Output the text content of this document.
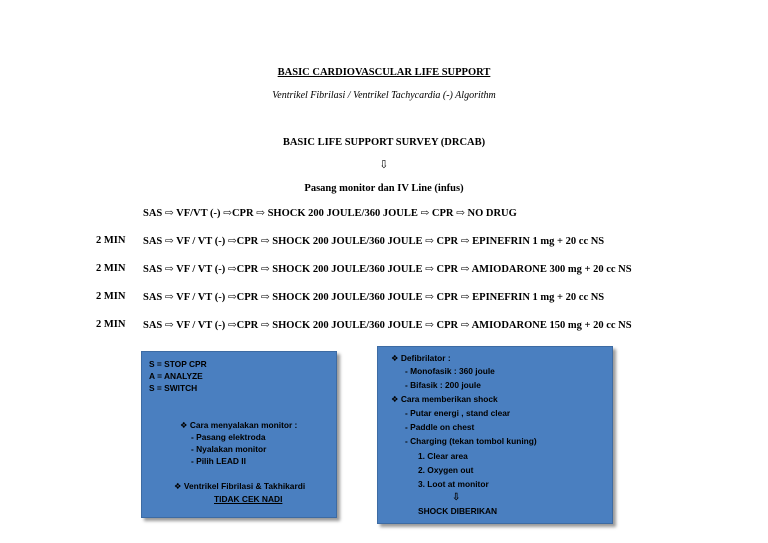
BASIC CARDIOVASCULAR LIFE SUPPORT
Ventrikel Fibrilasi / Ventrikel Tachycardia (-) Algorithm
BASIC LIFE SUPPORT SURVEY (DRCAB)
⇩
Pasang monitor dan IV Line (infus)
SAS ⇨ VF/VT (-) ⇨CPR ⇨ SHOCK 200 JOULE/360 JOULE ⇨ CPR ⇨ NO DRUG
2 MIN SAS ⇨ VF / VT (-) ⇨CPR ⇨ SHOCK 200 JOULE/360 JOULE ⇨ CPR ⇨ EPINEFRIN 1 mg + 20 cc NS
2 MIN SAS ⇨ VF / VT (-) ⇨CPR ⇨ SHOCK 200 JOULE/360 JOULE ⇨ CPR ⇨ AMIODARONE 300 mg + 20 cc NS
2 MIN SAS ⇨ VF / VT (-) ⇨CPR ⇨ SHOCK 200 JOULE/360 JOULE ⇨ CPR ⇨ EPINEFRIN 1 mg + 20 cc NS
2 MIN SAS ⇨ VF / VT (-) ⇨CPR ⇨ SHOCK 200 JOULE/360 JOULE ⇨ CPR ⇨ AMIODARONE 150 mg + 20 cc NS
S = STOP CPR
A = ANALYZE
S = SWITCH
❖ Cara menyalakan monitor :
- Pasang elektroda
- Nyalakan monitor
- Pilih LEAD II
❖ Ventrikel Fibrilasi & Takhikardi
TIDAK CEK NADI
❖ Defibrilator :
- Monofasik : 360 joule
- Bifasik : 200 joule
❖ Cara memberikan shock
- Putar energi , stand clear
- Paddle on chest
- Charging (tekan tombol kuning)
1. Clear area
2. Oxygen out
3. Loot at monitor
⇩
SHOCK DIBERIKAN
